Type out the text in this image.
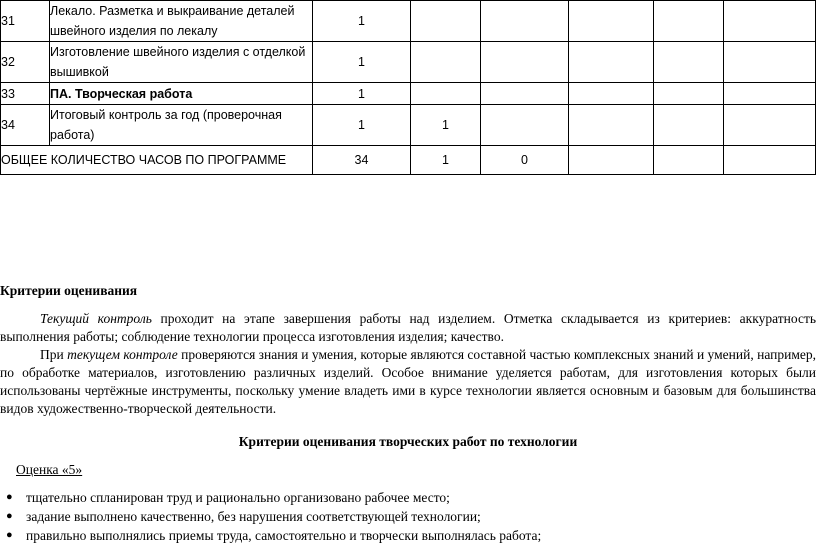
31	Лекало. Разметка и выкраивание деталей швейного изделия по лекалу	1					
32	Изготовление швейного изделия с отделкой вышивкой	1					
33	ПА. Творческая работа	1					
34	Итоговый контроль за год (проверочная работа)	1	1				
ОБЩЕЕ КОЛИЧЕСТВО ЧАСОВ ПО ПРОГРАММЕ		34	1	0			
Критерии оценивания

Текущий контроль проходит на этапе завершения работы над изделием. Отметка складывается из критериев: аккуратность выполнения работы; соблюдение технологии процесса изготовления изделия; качество.

При текущем контроле проверяются знания и умения, которые являются составной частью комплексных знаний и умений, например, по обработке материалов, изготовлению различных изделий. Особое внимание уделяется работам, для изготовления которых были использованы чертёжные инструменты, поскольку умение владеть ими в курсе технологии является основным и базовым для большинства видов художественно-творческой деятельности.

Критерии оценивания творческих работ по технологии
Оценка «5»
● тщательно спланирован труд и рационально организовано рабочее место;
● задание выполнено качественно, без нарушения соответствующей технологии;
● правильно выполнялись приемы труда, самостоятельно и творчески выполнялась работа;
